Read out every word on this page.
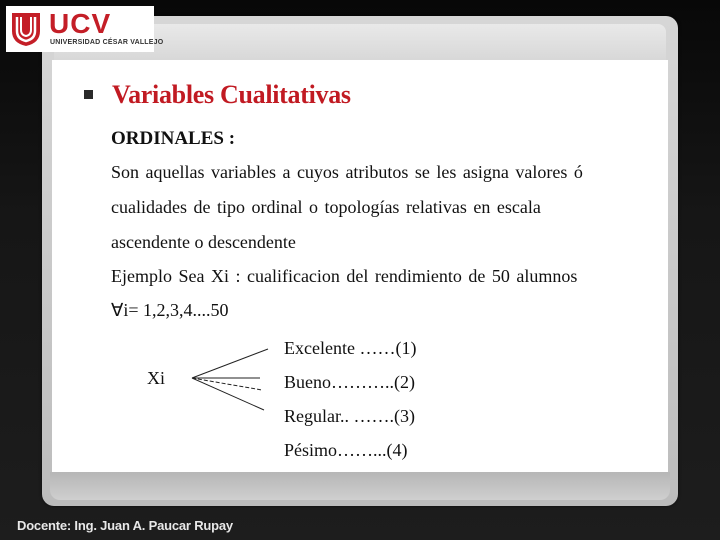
UCV
UNIVERSIDAD CÉSAR VALLEJO
Variables Cualitativas
ORDINALES :
Son aquellas variables a cuyos atributos se les asigna valores ó
cualidades de tipo ordinal o topologías relativas en escala
ascendente o descendente
Ejemplo Sea Xi : cualificacion del rendimiento de 50 alumnos
∀i= 1,2,3,4....50
Xi
Excelente ……(1)
Bueno………..(2)
Regular.. …….(3)
Pésimo……...(4)
Docente: Ing. Juan A. Paucar Rupay
